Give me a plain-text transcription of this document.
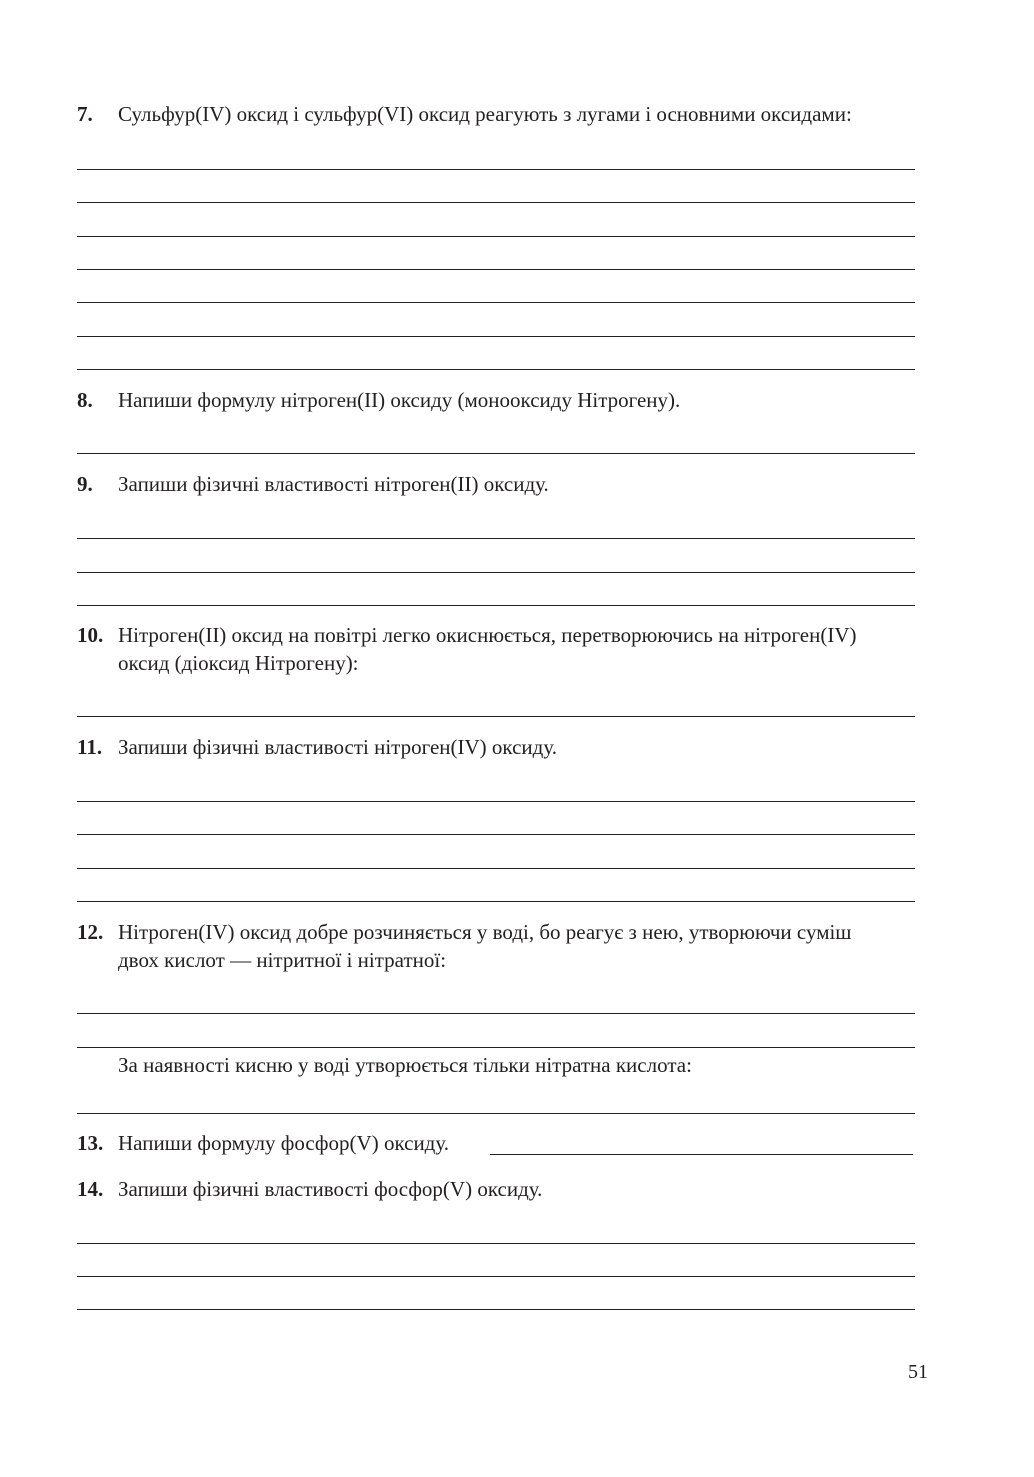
7. Сульфур(IV) оксид і сульфур(VI) оксид реагують з лугами і основними оксидами:
8. Напиши формулу нітроген(II) оксиду (монооксиду Нітрогену).
9. Запиши фізичні властивості нітроген(II) оксиду.
10. Нітроген(II) оксид на повітрі легко окиснюється, перетворюючись на нітроген(IV)
оксид (діоксид Нітрогену):
11. Запиши фізичні властивості нітроген(IV) оксиду.
12. Нітроген(IV) оксид добре розчиняється у воді, бо реагує з нею, утворюючи суміш
двох кислот — нітритної і нітратної:
За наявності кисню у воді утворюється тільки нітратна кислота:
13. Напиши формулу фосфор(V) оксиду.
14. Запиши фізичні властивості фосфор(V) оксиду.
51
